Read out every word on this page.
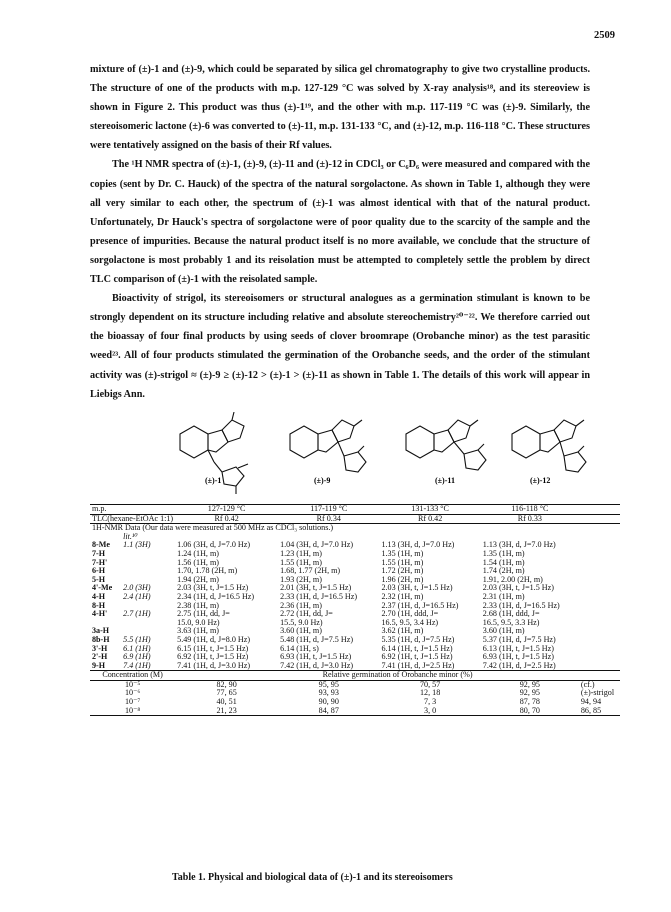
2509

mixture of (±)-1 and (±)-9, which could be separated by silica gel chromatography to give two crystalline products. The structure of one of the products with m.p. 127-129 °C was solved by X-ray analysis¹⁸, and its stereoview is shown in Figure 2. This product was thus (±)-1¹⁹, and the other with m.p. 117-119 °C was (±)-9. Similarly, the stereoisomeric lactone (±)-6 was converted to (±)-11, m.p. 131-133 °C, and (±)-12, m.p. 116-118 °C. These structures were tentatively assigned on the basis of their Rf values.

The ¹H NMR spectra of (±)-1, (±)-9, (±)-11 and (±)-12 in CDCl₃ or C₆D₆ were measured and compared with the copies (sent by Dr. C. Hauck) of the spectra of the natural sorgolactone. As shown in Table 1, although they were all very similar to each other, the spectrum of (±)-1 was almost identical with that of the natural product. Unfortunately, Dr Hauck's spectra of sorgolactone were of poor quality due to the scarcity of the sample and the presence of impurities. Because the natural product itself is no more available, we conclude that the structure of sorgolactone is most probably 1 and its reisolation must be attempted to completely settle the problem by direct TLC comparison of (±)-1 with the reisolated sample.

Bioactivity of strigol, its stereoisomers or structural analogues as a germination stimulant is known to be strongly dependent on its structure including relative and absolute stereochemistry²⁰⁻²². We therefore carried out the bioassay of four final products by using seeds of clover broomrape (Orobanche minor) as the test parasitic weed²³. All of four products stimulated the germination of the Orobanche seeds, and the order of the stimulant activity was (±)-strigol ≈ (±)-9 ≥ (±)-12 > (±)-1 > (±)-11 as shown in Table 1. The details of this work will appear in Liebigs Ann.

(±)-1	(±)-9	(±)-11	(±)-12
m.p.		127-129 °C	117-119 °C	131-133 °C	116-118 °C	
TLC(hexane-EtOAc 1:1)		Rf 0.42	Rf 0.34	Rf 0.42	Rf 0.33	
1H-NMR Data (Our data were measured at 500 MHz as CDCl₃ solutions.)						
	lit.¹⁰					
8-Me	1.1 (3H)	1.06 (3H, d, J=7.0 Hz)	1.04 (3H, d, J=7.0 Hz)	1.13 (3H, d, J=7.0 Hz)	1.13 (3H, d, J=7.0 Hz)	
7-H		1.24 (1H, m)	1.23 (1H, m)	1.35 (1H, m)	1.35 (1H, m)	
7-H'		1.56 (1H, m)	1.55 (1H, m)	1.55 (1H, m)	1.54 (1H, m)	
6-H		1.70, 1.78 (2H, m)	1.68, 1.77 (2H, m)	1.72 (2H, m)	1.74 (2H, m)	
5-H		1.94 (2H, m)	1.93 (2H, m)	1.96 (2H, m)	1.91, 2.00 (2H, m)	
4'-Me	2.0 (3H)	2.03 (3H, t, J=1.5 Hz)	2.01 (3H, t, J=1.5 Hz)	2.03 (3H, t, J=1.5 Hz)	2.03 (3H, t, J=1.5 Hz)	
4-H	2.4 (1H)	2.34 (1H, d, J=16.5 Hz)	2.33 (1H, d, J=16.5 Hz)	2.32 (1H, m)	2.31 (1H, m)	
8-H		2.38 (1H, m)	2.36 (1H, m)	2.37 (1H, d, J=16.5 Hz)	2.33 (1H, d, J=16.5 Hz)	
4-H'	2.7 (1H)	2.75 (1H, dd, J=	2.72 (1H, dd, J=	2.70 (1H, ddd, J=	2.68 (1H, ddd, J=	
		15.0, 9.0 Hz)	15.5, 9.0 Hz)	16.5, 9.5, 3.4 Hz)	16.5, 9.5, 3.3 Hz)	
3a-H		3.63 (1H, m)	3.60 (1H, m)	3.62 (1H, m)	3.60 (1H, m)	
8b-H	5.5 (1H)	5.49 (1H, d, J=8.0 Hz)	5.48 (1H, d, J=7.5 Hz)	5.35 (1H, d, J=7.5 Hz)	5.37 (1H, d, J=7.5 Hz)	
3'-H	6.1 (1H)	6.15 (1H, t, J=1.5 Hz)	6.14 (1H, s)	6.14 (1H, t, J=1.5 Hz)	6.13 (1H, t, J=1.5 Hz)	
2'-H	6.9 (1H)	6.92 (1H, t, J=1.5 Hz)	6.93 (1H, t, J=1.5 Hz)	6.92 (1H, t, J=1.5 Hz)	6.93 (1H, t, J=1.5 Hz)	
9-H	7.4 (1H)	7.41 (1H, d, J=3.0 Hz)	7.42 (1H, d, J=3.0 Hz)	7.41 (1H, d, J=2.5 Hz)	7.42 (1H, d, J=2.5 Hz)	
Concentration (M)		Relative germination of Orobanche minor (%)				
10⁻⁵		82, 90	95, 95	70, 57	92, 95	(cf.)
10⁻⁶		77, 65	93, 93	12, 18	92, 95	(±)-strigol
10⁻⁷		40, 51	90, 90	7, 3	87, 78	94, 94
10⁻⁸		21, 23	84, 87	3, 0	80, 70	86, 85
Table 1. Physical and biological data of (±)-1 and its stereoisomers
